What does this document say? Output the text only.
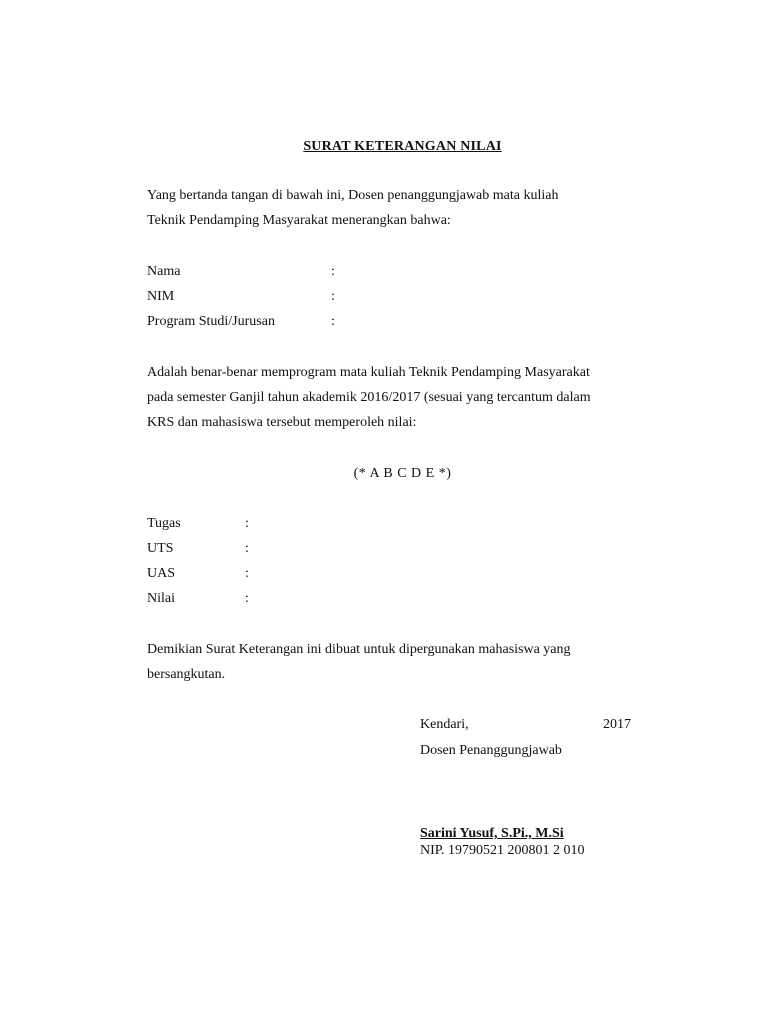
SURAT KETERANGAN NILAI
Yang bertanda tangan di bawah ini, Dosen penanggungjawab mata kuliah
Teknik Pendamping Masyarakat menerangkan bahwa:
Nama	:
NIM	:
Program Studi/Jurusan	:
Adalah benar-benar memprogram mata kuliah Teknik Pendamping Masyarakat
pada semester Ganjil tahun akademik 2016/2017 (sesuai yang tercantum dalam
KRS dan mahasiswa tersebut memperoleh nilai:
(* A B C D E *)
Tugas	:
UTS	:
UAS	:
Nilai	:
Demikian Surat Keterangan ini dibuat untuk dipergunakan mahasiswa yang
bersangkutan.
Kendari,	2017
Dosen Penanggungjawab
Sarini Yusuf, S.Pi., M.Si
NIP. 19790521 200801 2 010
